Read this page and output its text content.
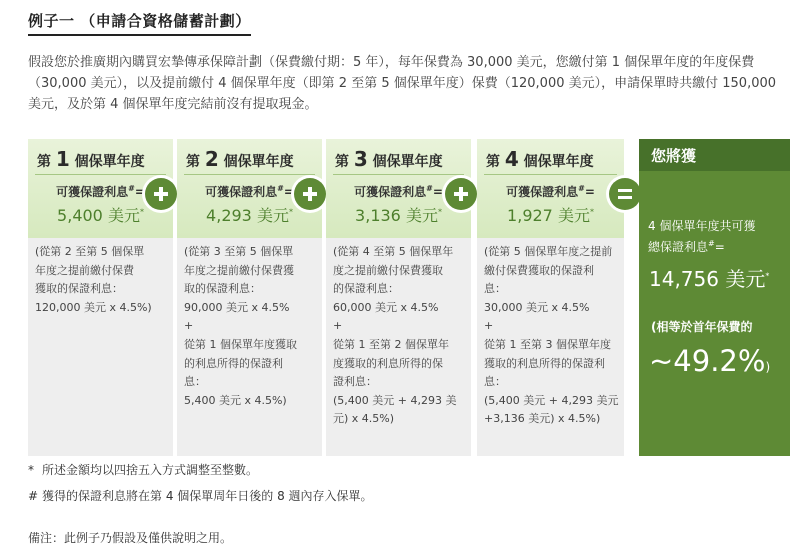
例子一 （申請合資格儲蓄計劃）
假設您於推廣期內購買宏摯傳承保障計劃（保費繳付期：5 年），每年保費為 30,000 美元，您繳付第 1 個保單年度的年度保費（30,000 美元），以及提前繳付 4 個保單年度（即第 2 至第 5 個保單年度）保費（120,000 美元），申請保單時共繳付 150,000 美元，及於第 4 個保單年度完結前沒有提取現金。
第 1 個保單年度
可獲保證利息#=
5,400 美元*
(從第 2 至第 5 個保單
年度之提前繳付保費
獲取的保證利息：
120,000 美元 x 4.5%)
第 2 個保單年度
可獲保證利息#=
4,293 美元*
(從第 3 至第 5 個保單
年度之提前繳付保費獲
取的保證利息：
90,000 美元 x 4.5%
+
從第 1 個保單年度獲取
的利息所得的保證利
息：
5,400 美元 x 4.5%)
第 3 個保單年度
可獲保證利息#=
3,136 美元*
(從第 4 至第 5 個保單年
度之提前繳付保費獲取
的保證利息：
60,000 美元 x 4.5%
+
從第 1 至第 2 個保單年
度獲取的利息所得的保
證利息：
(5,400 美元 + 4,293 美
元) x 4.5%)
第 4 個保單年度
可獲保證利息#=
1,927 美元*
(從第 5 個保單年度之提前
繳付保費獲取的保證利
息：
30,000 美元 x 4.5%
+
從第 1 至第 3 個保單年度
獲取的利息所得的保證利
息：
(5,400 美元 + 4,293 美元
+3,136 美元) x 4.5%)
您將獲
4 個保單年度共可獲
總保證利息#=
14,756 美元*
(相等於首年保費的
~49.2%)
* 所述金額均以四捨五入方式調整至整數。
# 獲得的保證利息將在第 4 個保單周年日後的 8 週內存入保單。
備注：此例子乃假設及僅供說明之用。
